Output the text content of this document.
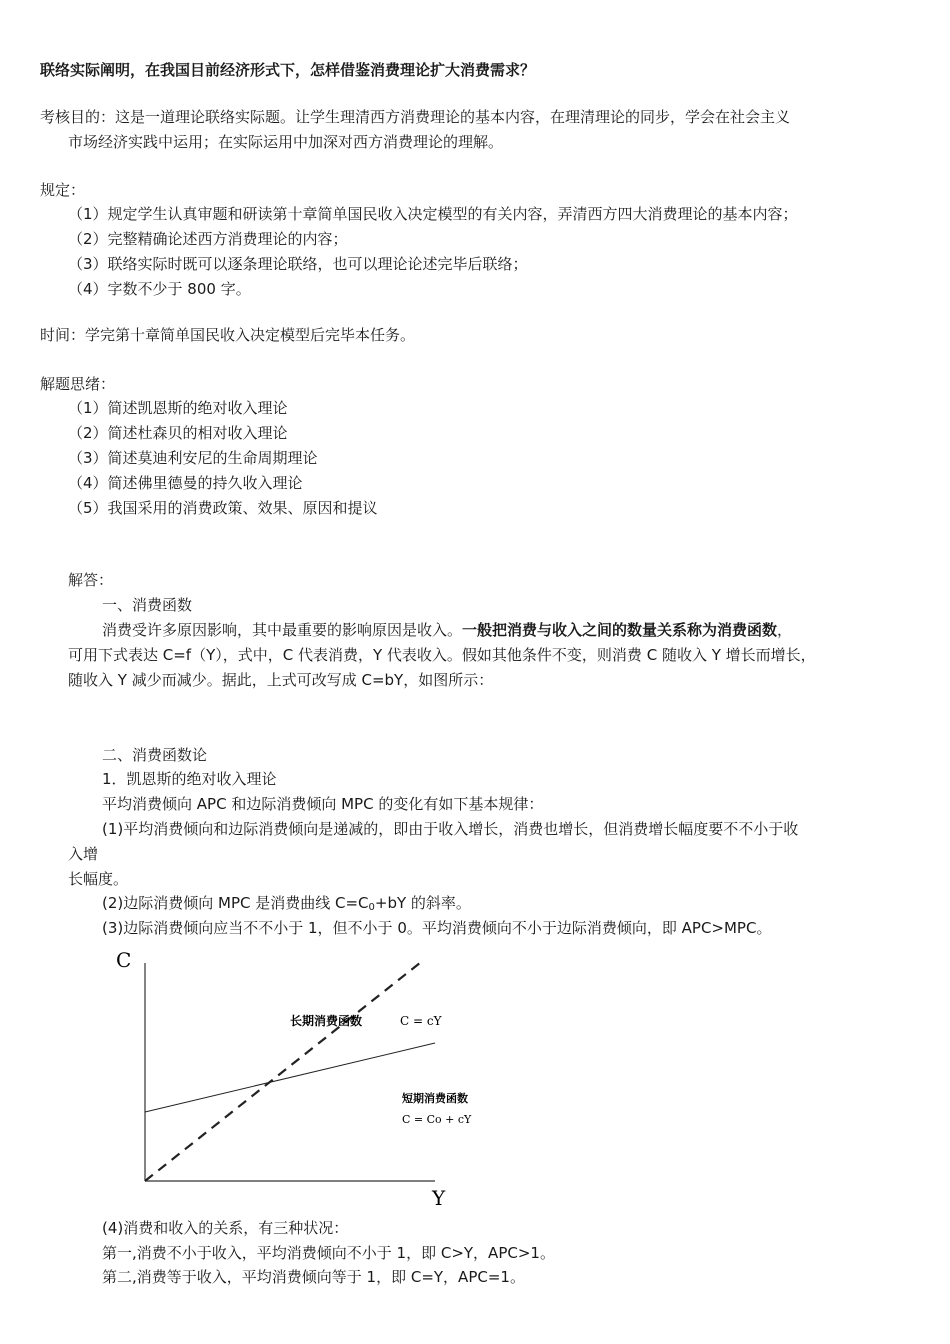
联络实际阐明，在我国目前经济形式下，怎样借鉴消费理论扩大消费需求？
考核目的：这是一道理论联络实际题。让学生理清西方消费理论的基本内容，在理清理论的同步，学会在社会主义
市场经济实践中运用；在实际运用中加深对西方消费理论的理解。
规定：
（1）规定学生认真审题和研读第十章简单国民收入决定模型的有关内容，弄清西方四大消费理论的基本内容；
（2）完整精确论述西方消费理论的内容；
（3）联络实际时既可以逐条理论联络，也可以理论论述完毕后联络；
（4）字数不少于 800 字。
时间：学完第十章简单国民收入决定模型后完毕本任务。
解题思绪：
（1）简述凯恩斯的绝对收入理论
（2）简述杜森贝的相对收入理论
（3）简述莫迪利安尼的生命周期理论
（4）简述佛里德曼的持久收入理论
（5）我国采用的消费政策、效果、原因和提议
解答：
一、消费函数
消费受许多原因影响，其中最重要的影响原因是收入。一般把消费与收入之间的数量关系称为消费函数，
可用下式表达 C=f（Y），式中，C 代表消费，Y 代表收入。假如其他条件不变，则消费 C 随收入 Y 增长而增长，
随收入 Y 减少而减少。据此，上式可改写成 C=bY，如图所示：
二、消费函数论
1．凯恩斯的绝对收入理论
平均消费倾向 APC 和边际消费倾向 MPC 的变化有如下基本规律：
(1)平均消费倾向和边际消费倾向是递减的，即由于收入增长，消费也增长，但消费增长幅度要不不小于收
入增
长幅度。
(2)边际消费倾向 MPC 是消费曲线 $C=C_0+bY$ 的斜率。
(3)边际消费倾向应当不不小于 1，但不小于 0。平均消费倾向不小于边际消费倾向，即 APC>MPC。
C
Y
长期消费函数	C = cY
短期消费函数
C = Co + cY
(4)消费和收入的关系，有三种状况：
第一,消费不小于收入，平均消费倾向不小于 1，即 C>Y，APC>1。
第二,消费等于收入，平均消费倾向等于 1，即 C=Y，APC=1。
